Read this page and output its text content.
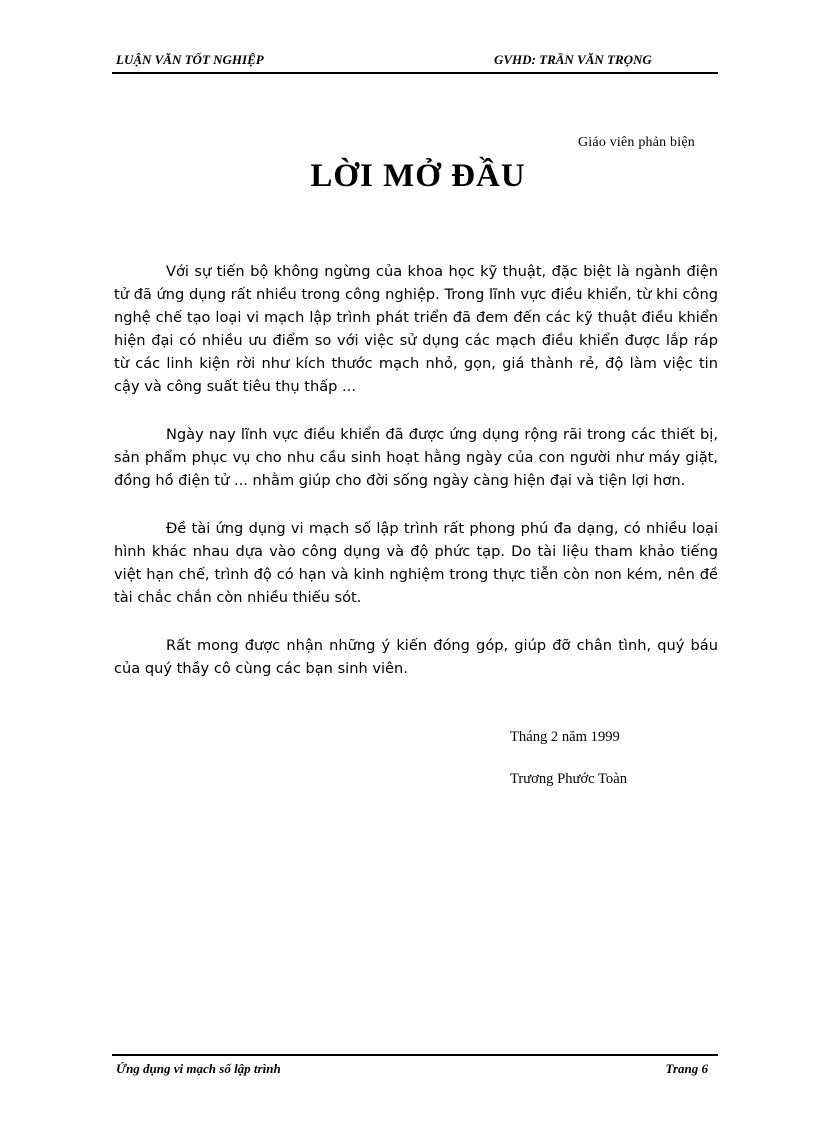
LUẬN VĂN TỐT NGHIỆP	GVHD: TRẦN VĂN TRỌNG
Giáo viên phản biện
LỜI MỞ ĐẦU

Với sự tiến bộ không ngừng của khoa học kỹ thuật, đặc biệt là ngành điện tử đã ứng dụng rất nhiều trong công nghiệp. Trong lĩnh vực điều khiển, từ khi công nghệ chế tạo loại vi mạch lập trình phát triển đã đem đến các kỹ thuật điều khiển hiện đại có nhiều ưu điểm so với việc sử dụng các mạch điều khiển được lắp ráp từ các linh kiện rời như kích thước mạch nhỏ, gọn, giá thành rẻ, độ làm việc tin cậy và công suất tiêu thụ thấp ...

Ngày nay lĩnh vực điều khiển đã được ứng dụng rộng rãi trong các thiết bị, sản phẩm phục vụ cho nhu cầu sinh hoạt hằng ngày của con người như máy giặt, đồng hồ điện tử ... nhằm giúp cho đời sống ngày càng hiện đại và tiện lợi hơn.

Đề tài ứng dụng vi mạch số lập trình rất phong phú đa dạng, có nhiều loại hình khác nhau dựa vào công dụng và độ phức tạp. Do tài liệu tham khảo tiếng việt hạn chế, trình độ có hạn và kinh nghiệm trong thực tiễn còn non kém, nên đề tài chắc chắn còn nhiều thiếu sót.

Rất mong được nhận những ý kiến đóng góp, giúp đỡ chân tình, quý báu của quý thầy cô cùng các bạn sinh viên.

Tháng 2 năm 1999
Trương Phước Toàn
Ứng dụng vi mạch số lập trình	Trang 6
